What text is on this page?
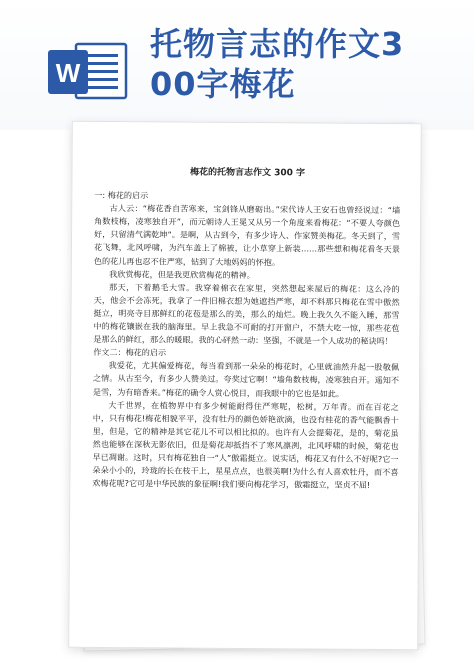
W
托物言志的作文3
00字梅花
梅花的托物言志作文 300 字

一: 梅花的启示

古人云：“梅花香自苦寒来，宝剑锋从磨砺出。”宋代诗人王安石也曾经说过：“墙角数枝梅，凌寒独自开”，而元朝诗人王冕又从另一个角度来看梅花：“不要人夸颜色好，只留清气满乾坤”。是啊，从古到今，有多少诗人、作家赞美梅花。冬天到了，雪花飞舞，北风呼啸，为汽车盖上了棉被，让小草穿上新装……那些想和梅花看冬天景色的花儿再也忍不住严寒，钻到了大地妈妈的怀抱。

我欣赏梅花，但是我更欣赏梅花的精神。

那天，下着鹅毛大雪。我穿着棉衣在家里，突然想起来屋后的梅花：这么冷的天，他会不会冻死，我拿了一件旧棉衣想为她遮挡严寒，却不料那只梅花在雪中傲然挺立，明亮寺目那鲜红的花苞是那么的美，那么的灿烂。晚上我久久不能入睡，那雪中的梅花镶嵌在我的脑海里。早上我急不可耐的打开窗户，不禁大吃一惊，那些花苞是那么的鲜红，那么的暖眼。我的心砰然一动：坚强，不就是一个人成功的秘诀吗！

作文二：梅花的启示

我爱花，尤其偏爱梅花，每当看到那一朵朵的梅花时，心里就油然升起一股敬佩之情。从古至今，有多少人赞美过。夸奖过它啊！“墙角数枝梅，凌寒独自开。遥知不是雪，为有暗香来。”梅花的确令人赏心悦目，而我眼中的它也是如此。

大千世界，在植物界中有多少树能耐得住严寒呢，松树，万年青。而在百花之中，只有梅花!梅花相貌平平，没有牡丹的颜色娇艳欲滴，也没有桂花的香气能飘香十里，但是，它的精神是其它花儿不可以相比拟的。也许有人会提菊花，是的，菊花虽然也能够在深秋无影依旧，但是菊花却抵挡不了寒风凛冽，北风呼啸的时候，菊花也早已凋谢。这时，只有梅花独自一“人”傲霜挺立。说实话，梅花又有什么不好呢?它一朵朵小小的，玲珑的长在枝干上，星星点点，也很美啊!为什么有人喜欢牡丹，而不喜欢梅花呢?它可是中华民族的象征啊!我们要向梅花学习，傲霜挺立，坚贞不屈!
